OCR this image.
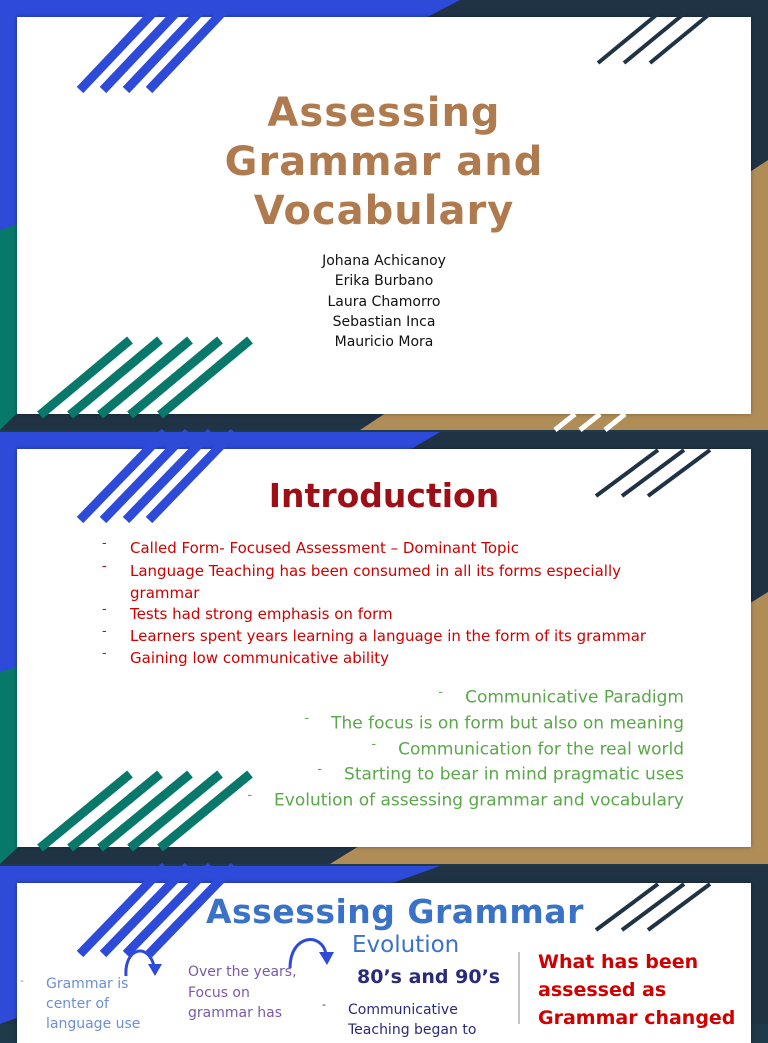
Assessing
Grammar and
Vocabulary
Johana Achicanoy
Erika Burbano
Laura Chamorro
Sebastian Inca
Mauricio Mora
Introduction
- Called Form- Focused Assessment – Dominant Topic
- Language Teaching has been consumed in all its forms especially grammar
- Tests had strong emphasis on form
- Learners spent years learning a language in the form of its grammar
- Gaining low communicative ability
- Communicative Paradigm
- The focus is on form but also on meaning
- Communication for the real world
- Starting to bear in mind pragmatic uses
- Evolution of assessing grammar and vocabulary
Assessing Grammar
Evolution
80’s and 90’s
- Grammar is
center of
language use
Over the years,
Focus on
grammar has
- Communicative
Teaching began to
What has been
assessed as
Grammar changed
